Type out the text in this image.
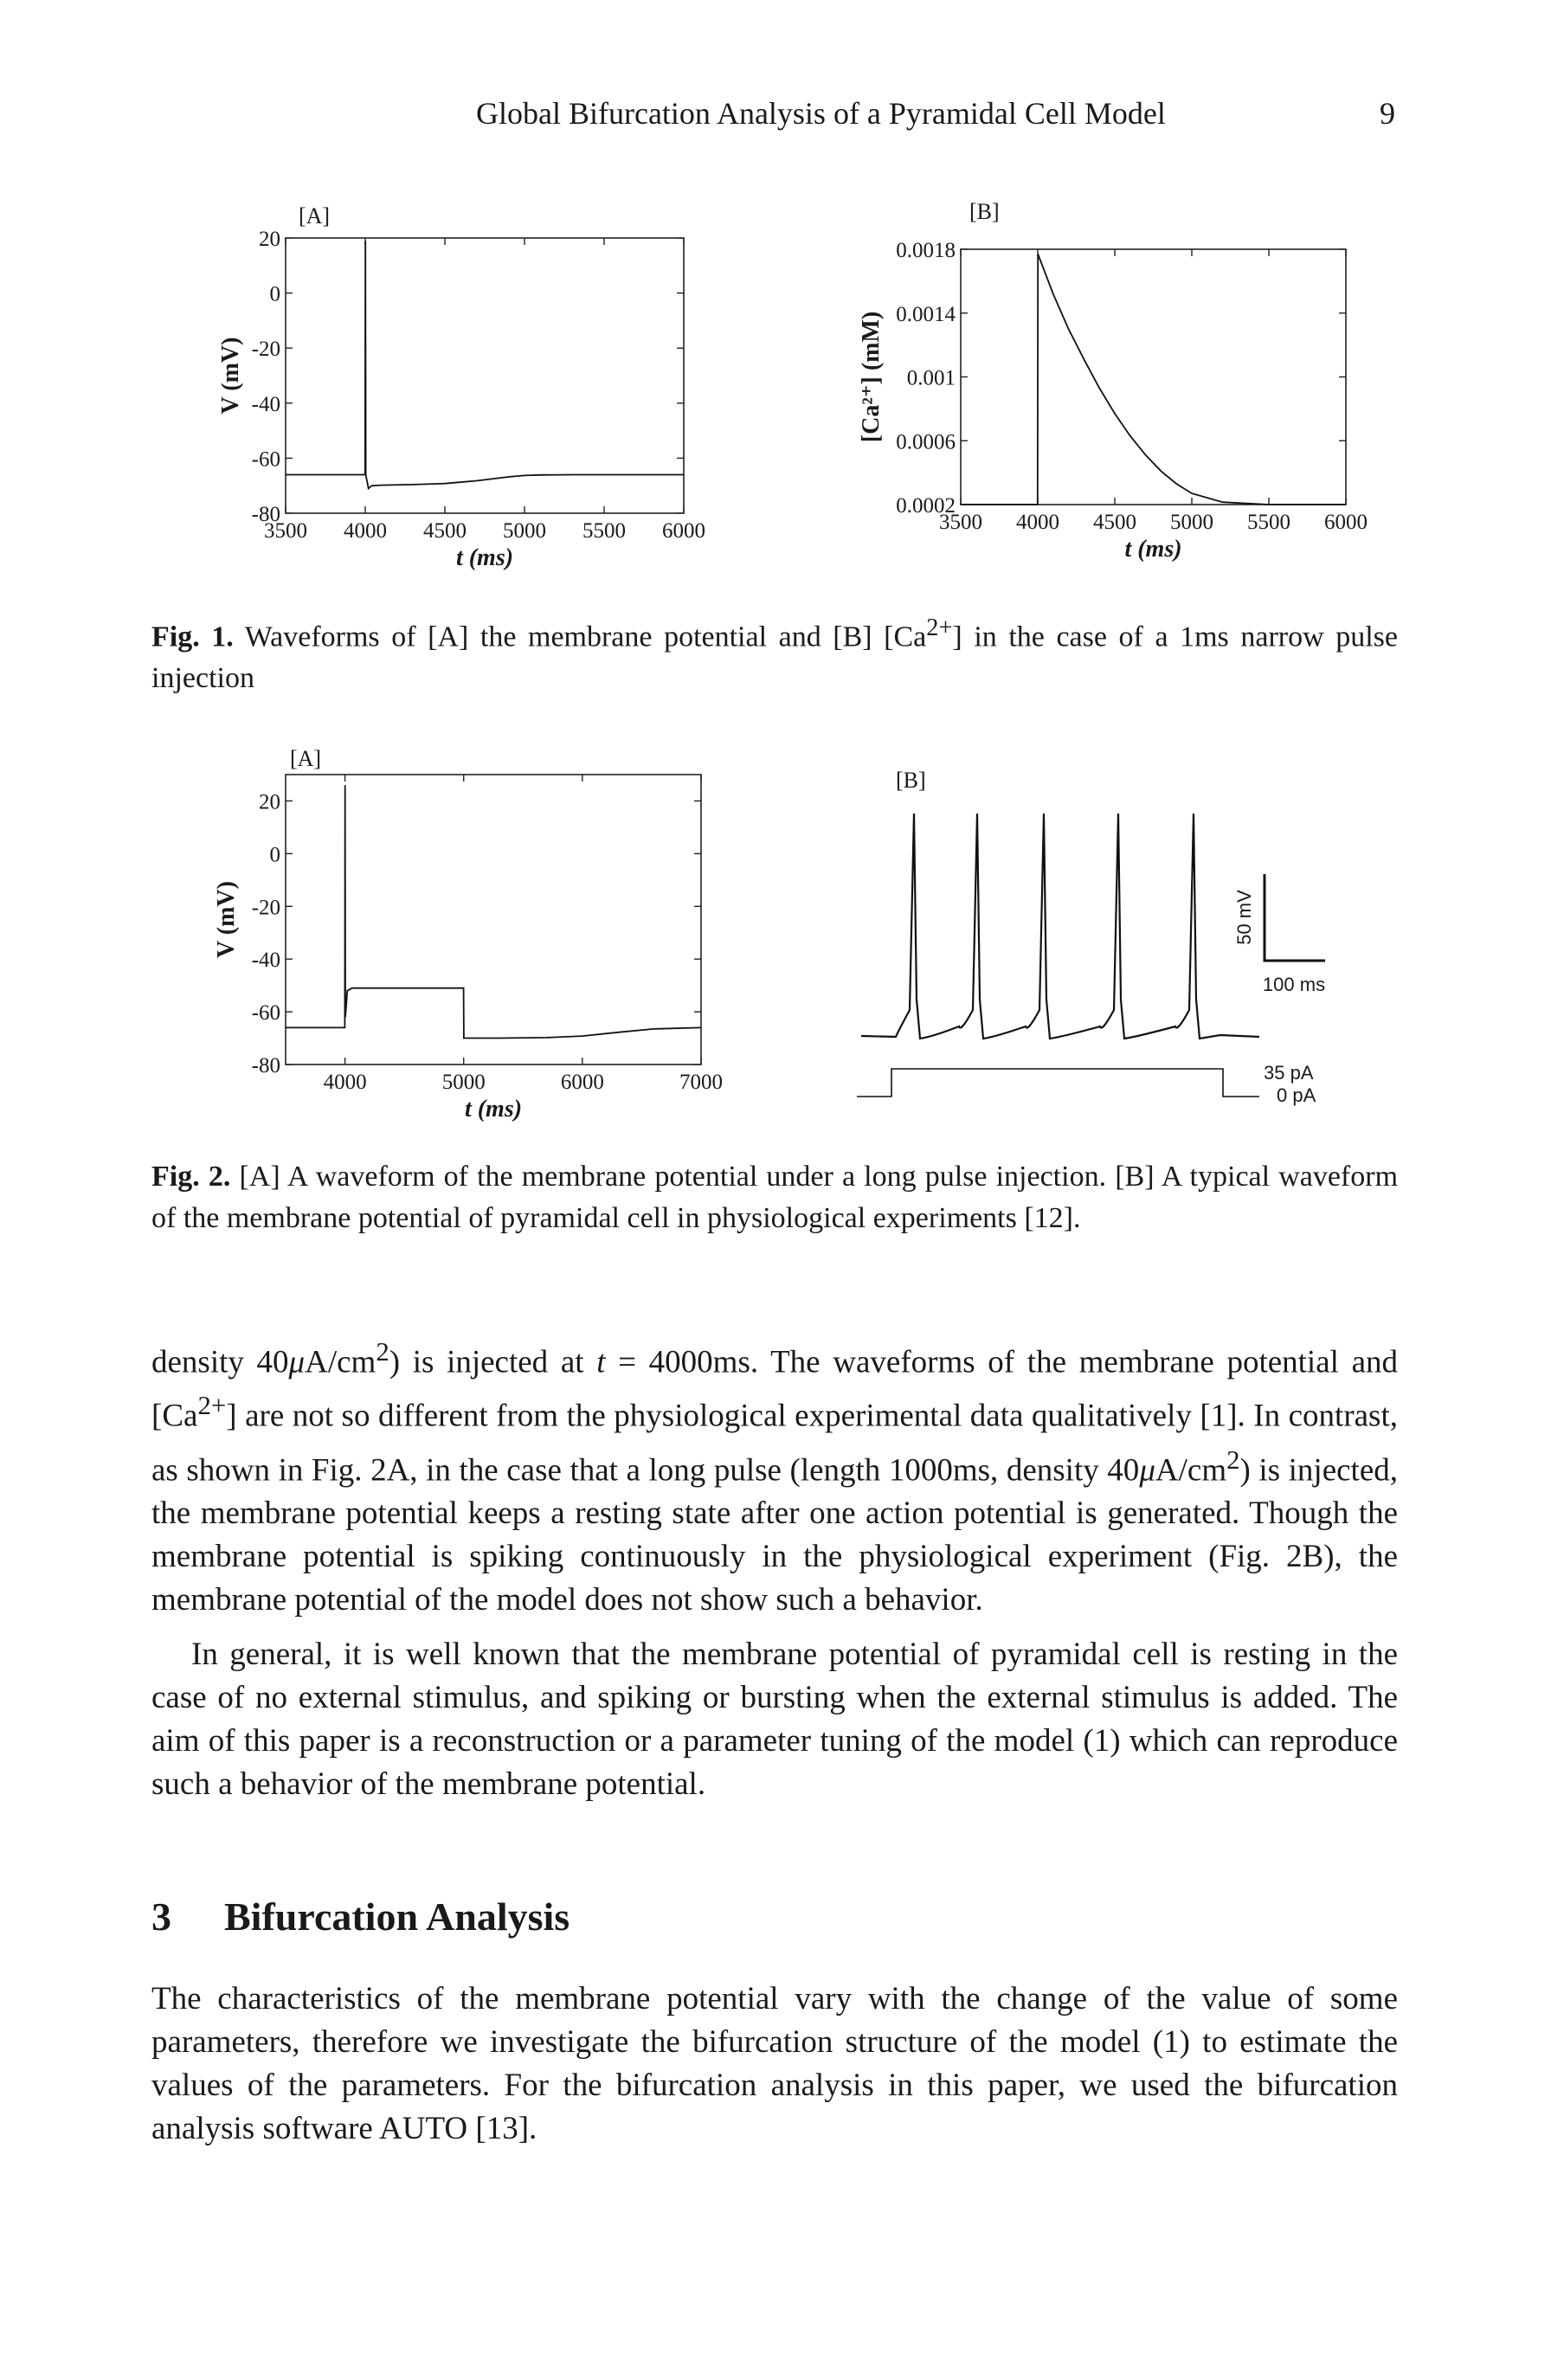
Global Bifurcation Analysis of a Pyramidal Cell Model	9
[A]
3500 4000 4500 5000 5500 6000
20
0
-20
-40
-60
-80
t (ms)
V (mV)
[B]
3500 4000 4500 5000 5500 6000
0.0018
0.0014
0.001
0.0006
0.0002
t (ms)
[Ca²⁺] (mM)
Fig. 1. Waveforms of [A] the membrane potential and [B] $[Ca^{2+}]$ in the case of a 1ms narrow pulse injection
[A]
4000	5000	6000	7000
20
0
-20
-40
-60
-80
t (ms)
V (mV)
[B]
50 mV
100 ms
35 pA
0 pA
Fig. 2. [A] A waveform of the membrane potential under a long pulse injection. [B] A typical waveform of the membrane potential of pyramidal cell in physiological experiments [12].

density $40\mu A/cm^2$) is injected at t = 4000ms. The waveforms of the membrane potential and $[Ca^{2+}]$ are not so different from the physiological experimental data qualitatively [1]. In contrast, as shown in Fig. 2A, in the case that a long pulse (length 1000ms, density $40\mu A/cm^2$) is injected, the membrane potential keeps a resting state after one action potential is generated. Though the membrane potential is spiking continuously in the physiological experiment (Fig. 2B), the membrane potential of the model does not show such a behavior.

In general, it is well known that the membrane potential of pyramidal cell is resting in the case of no external stimulus, and spiking or bursting when the external stimulus is added. The aim of this paper is a reconstruction or a parameter tuning of the model (1) which can reproduce such a behavior of the membrane potential.

3 Bifurcation Analysis

The characteristics of the membrane potential vary with the change of the value of some parameters, therefore we investigate the bifurcation structure of the model (1) to estimate the values of the parameters. For the bifurcation analysis in this paper, we used the bifurcation analysis software AUTO [13].
